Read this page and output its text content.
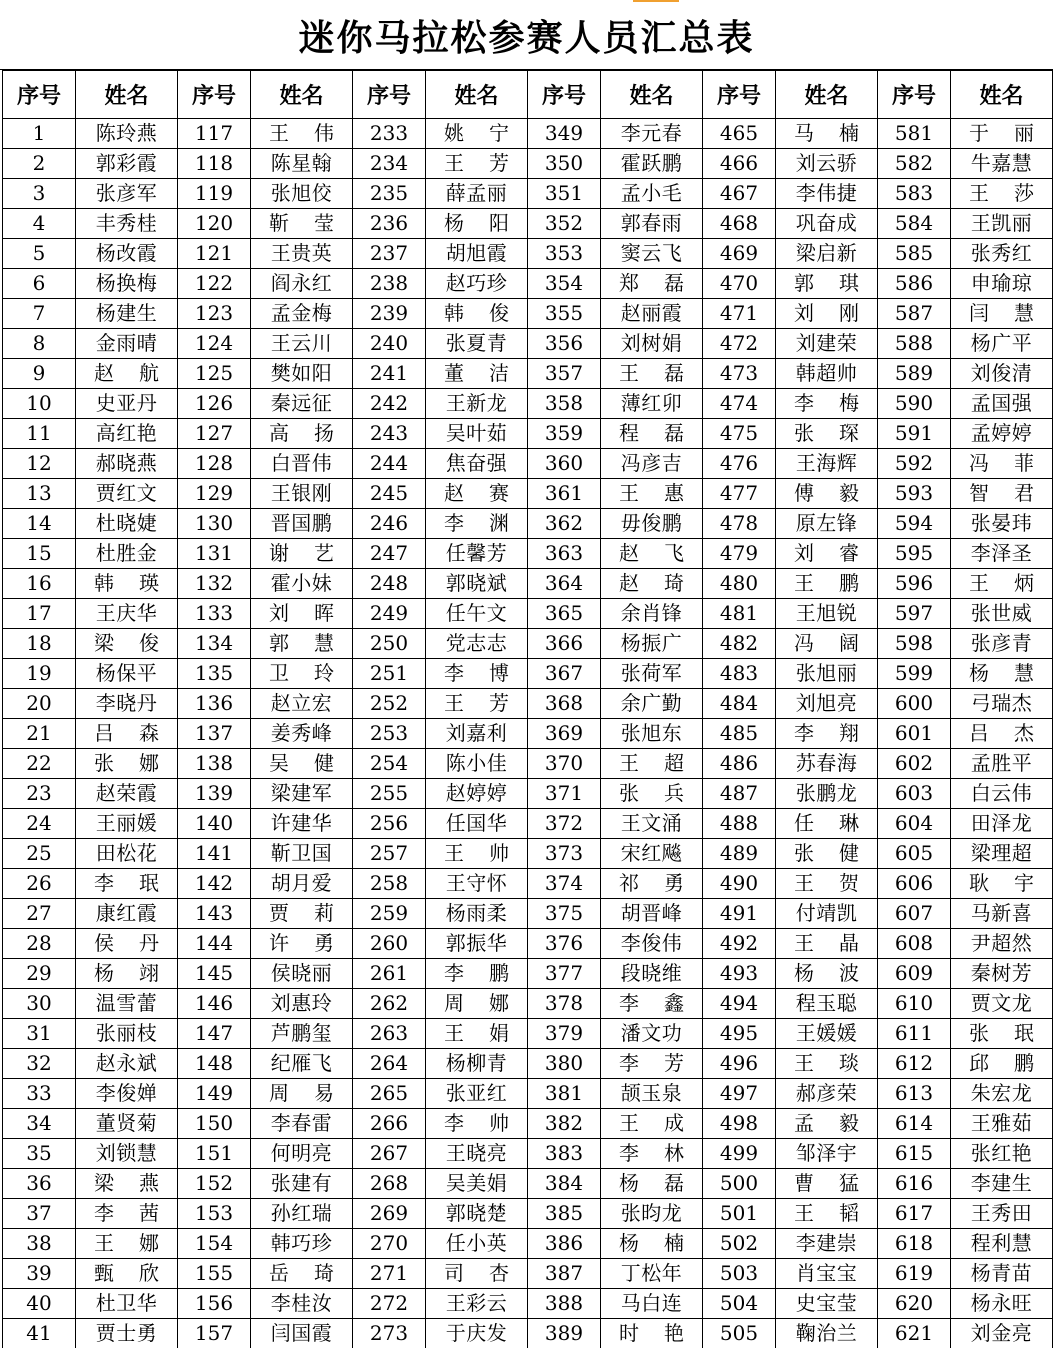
迷你马拉松参赛人员汇总表
序号	姓名	序号	姓名	序号	姓名	序号	姓名	序号	姓名	序号	姓名
1	陈玲燕	117	王伟	233	姚宁	349	李元春	465	马楠	581	于丽
2	郭彩霞	118	陈星翰	234	王芳	350	霍跃鹏	466	刘云骄	582	牛嘉慧
3	张彦军	119	张旭佼	235	薛孟丽	351	孟小毛	467	李伟捷	583	王莎
4	丰秀桂	120	靳莹	236	杨阳	352	郭春雨	468	巩奋成	584	王凯丽
5	杨改霞	121	王贵英	237	胡旭霞	353	窦云飞	469	梁启新	585	张秀红
6	杨换梅	122	阎永红	238	赵巧珍	354	郑磊	470	郭琪	586	申瑜琼
7	杨建生	123	孟金梅	239	韩俊	355	赵丽霞	471	刘刚	587	闫慧
8	金雨晴	124	王云川	240	张夏青	356	刘树娟	472	刘建荣	588	杨广平
9	赵航	125	樊如阳	241	董洁	357	王磊	473	韩超帅	589	刘俊清
10	史亚丹	126	秦远征	242	王新龙	358	薄红卯	474	李梅	590	孟国强
11	高红艳	127	高扬	243	吴叶茹	359	程磊	475	张琛	591	孟婷婷
12	郝晓燕	128	白晋伟	244	焦奋强	360	冯彦吉	476	王海辉	592	冯菲
13	贾红文	129	王银刚	245	赵赛	361	王惠	477	傅毅	593	智君
14	杜晓婕	130	晋国鹏	246	李渊	362	毋俊鹏	478	原左锋	594	张晏玮
15	杜胜金	131	谢艺	247	任馨芳	363	赵飞	479	刘睿	595	李泽圣
16	韩瑛	132	霍小妹	248	郭晓斌	364	赵琦	480	王鹏	596	王炳
17	王庆华	133	刘晖	249	任午文	365	余肖锋	481	王旭锐	597	张世威
18	梁俊	134	郭慧	250	党志志	366	杨振广	482	冯阔	598	张彦青
19	杨保平	135	卫玲	251	李博	367	张荷军	483	张旭丽	599	杨慧
20	李晓丹	136	赵立宏	252	王芳	368	余广勤	484	刘旭亮	600	弓瑞杰
21	吕森	137	姜秀峰	253	刘嘉利	369	张旭东	485	李翔	601	吕杰
22	张娜	138	吴健	254	陈小佳	370	王超	486	苏春海	602	孟胜平
23	赵荣霞	139	梁建军	255	赵婷婷	371	张兵	487	张鹏龙	603	白云伟
24	王丽媛	140	许建华	256	任国华	372	王文涌	488	任琳	604	田泽龙
25	田松花	141	靳卫国	257	王帅	373	宋红飚	489	张健	605	梁理超
26	李珉	142	胡月爱	258	王守怀	374	祁勇	490	王贺	606	耿宇
27	康红霞	143	贾莉	259	杨雨柔	375	胡晋峰	491	付靖凯	607	马新喜
28	侯丹	144	许勇	260	郭振华	376	李俊伟	492	王晶	608	尹超然
29	杨翊	145	侯晓丽	261	李鹏	377	段晓维	493	杨波	609	秦树芳
30	温雪蕾	146	刘惠玲	262	周娜	378	李鑫	494	程玉聪	610	贾文龙
31	张丽枝	147	芦鹏玺	263	王娟	379	潘文功	495	王媛媛	611	张珉
32	赵永斌	148	纪雁飞	264	杨柳青	380	李芳	496	王琰	612	邱鹏
33	李俊婵	149	周易	265	张亚红	381	颉玉泉	497	郝彦荣	613	朱宏龙
34	董贤菊	150	李春雷	266	李帅	382	王成	498	孟毅	614	王雅茹
35	刘锁慧	151	何明亮	267	王晓亮	383	李林	499	邹泽宇	615	张红艳
36	梁燕	152	张建有	268	吴美娟	384	杨磊	500	曹猛	616	李建生
37	李茜	153	孙红瑞	269	郭晓楚	385	张昀龙	501	王韬	617	王秀田
38	王娜	154	韩巧珍	270	任小英	386	杨楠	502	李建崇	618	程利慧
39	甄欣	155	岳琦	271	司杏	387	丁松年	503	肖宝宝	619	杨青苗
40	杜卫华	156	李桂汝	272	王彩云	388	马白连	504	史宝莹	620	杨永旺
41	贾士勇	157	闫国霞	273	于庆发	389	时艳	505	鞠治兰	621	刘金亮
